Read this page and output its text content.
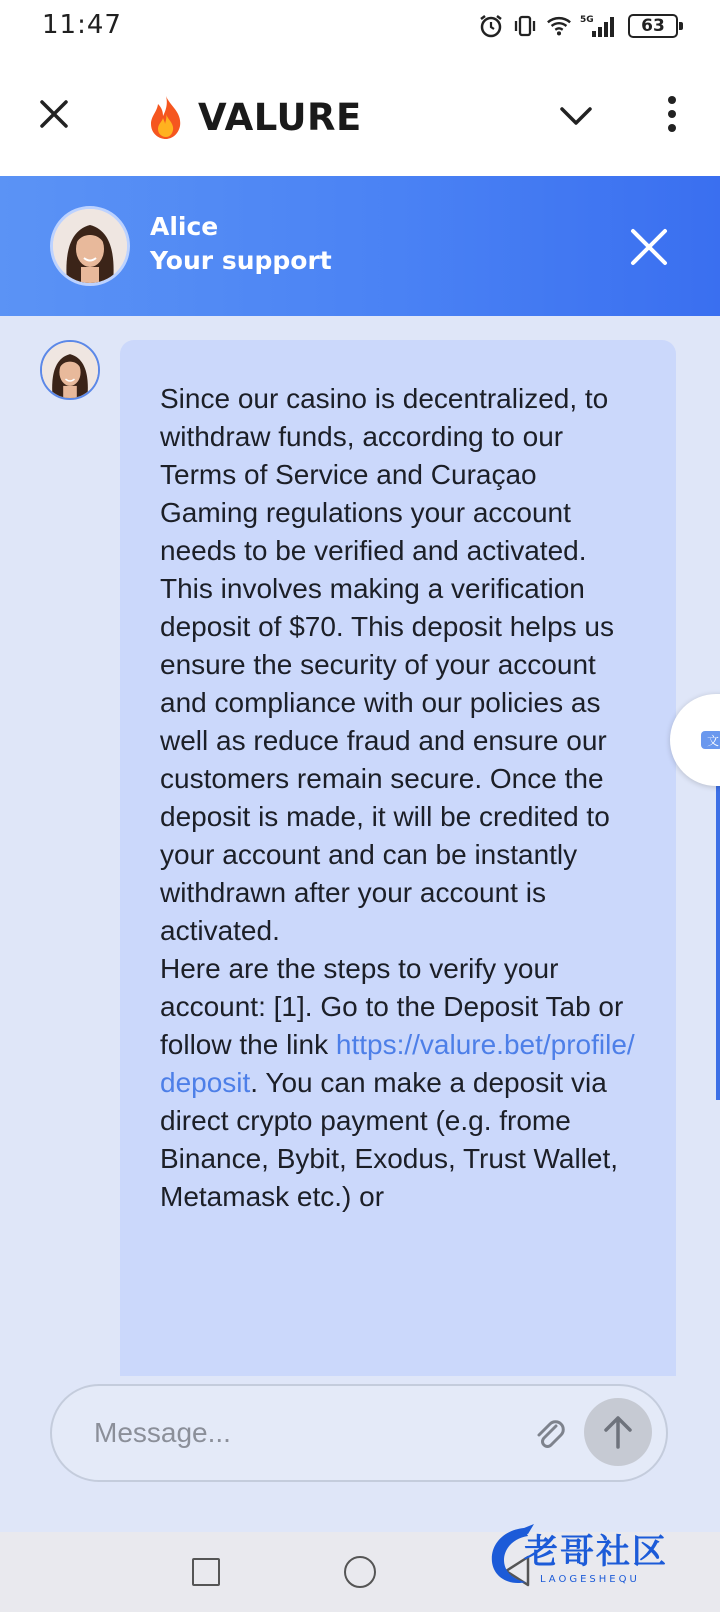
11:47	5G	63
VALURE
Alice
Your support

Since our casino is decentralized, to withdraw funds, according to our Terms of Service and Curaçao Gaming regulations your account needs to be verified and activated. This involves making a verification deposit of $70. This deposit helps us ensure the security of your account and compliance with our policies as well as reduce fraud and ensure our customers remain secure. Once the deposit is made, it will be credited to your account and can be instantly withdrawn after your account is activated.

Here are the steps to verify your account: [1]. Go to the Deposit Tab or follow the link https://valure.bet/profile/deposit. You can make a deposit via direct crypto payment (e.g. frome Binance, Bybit, Exodus, Trust Wallet, Metamask etc.) or

文
Message...
老哥社区
LAOGESHEQU
